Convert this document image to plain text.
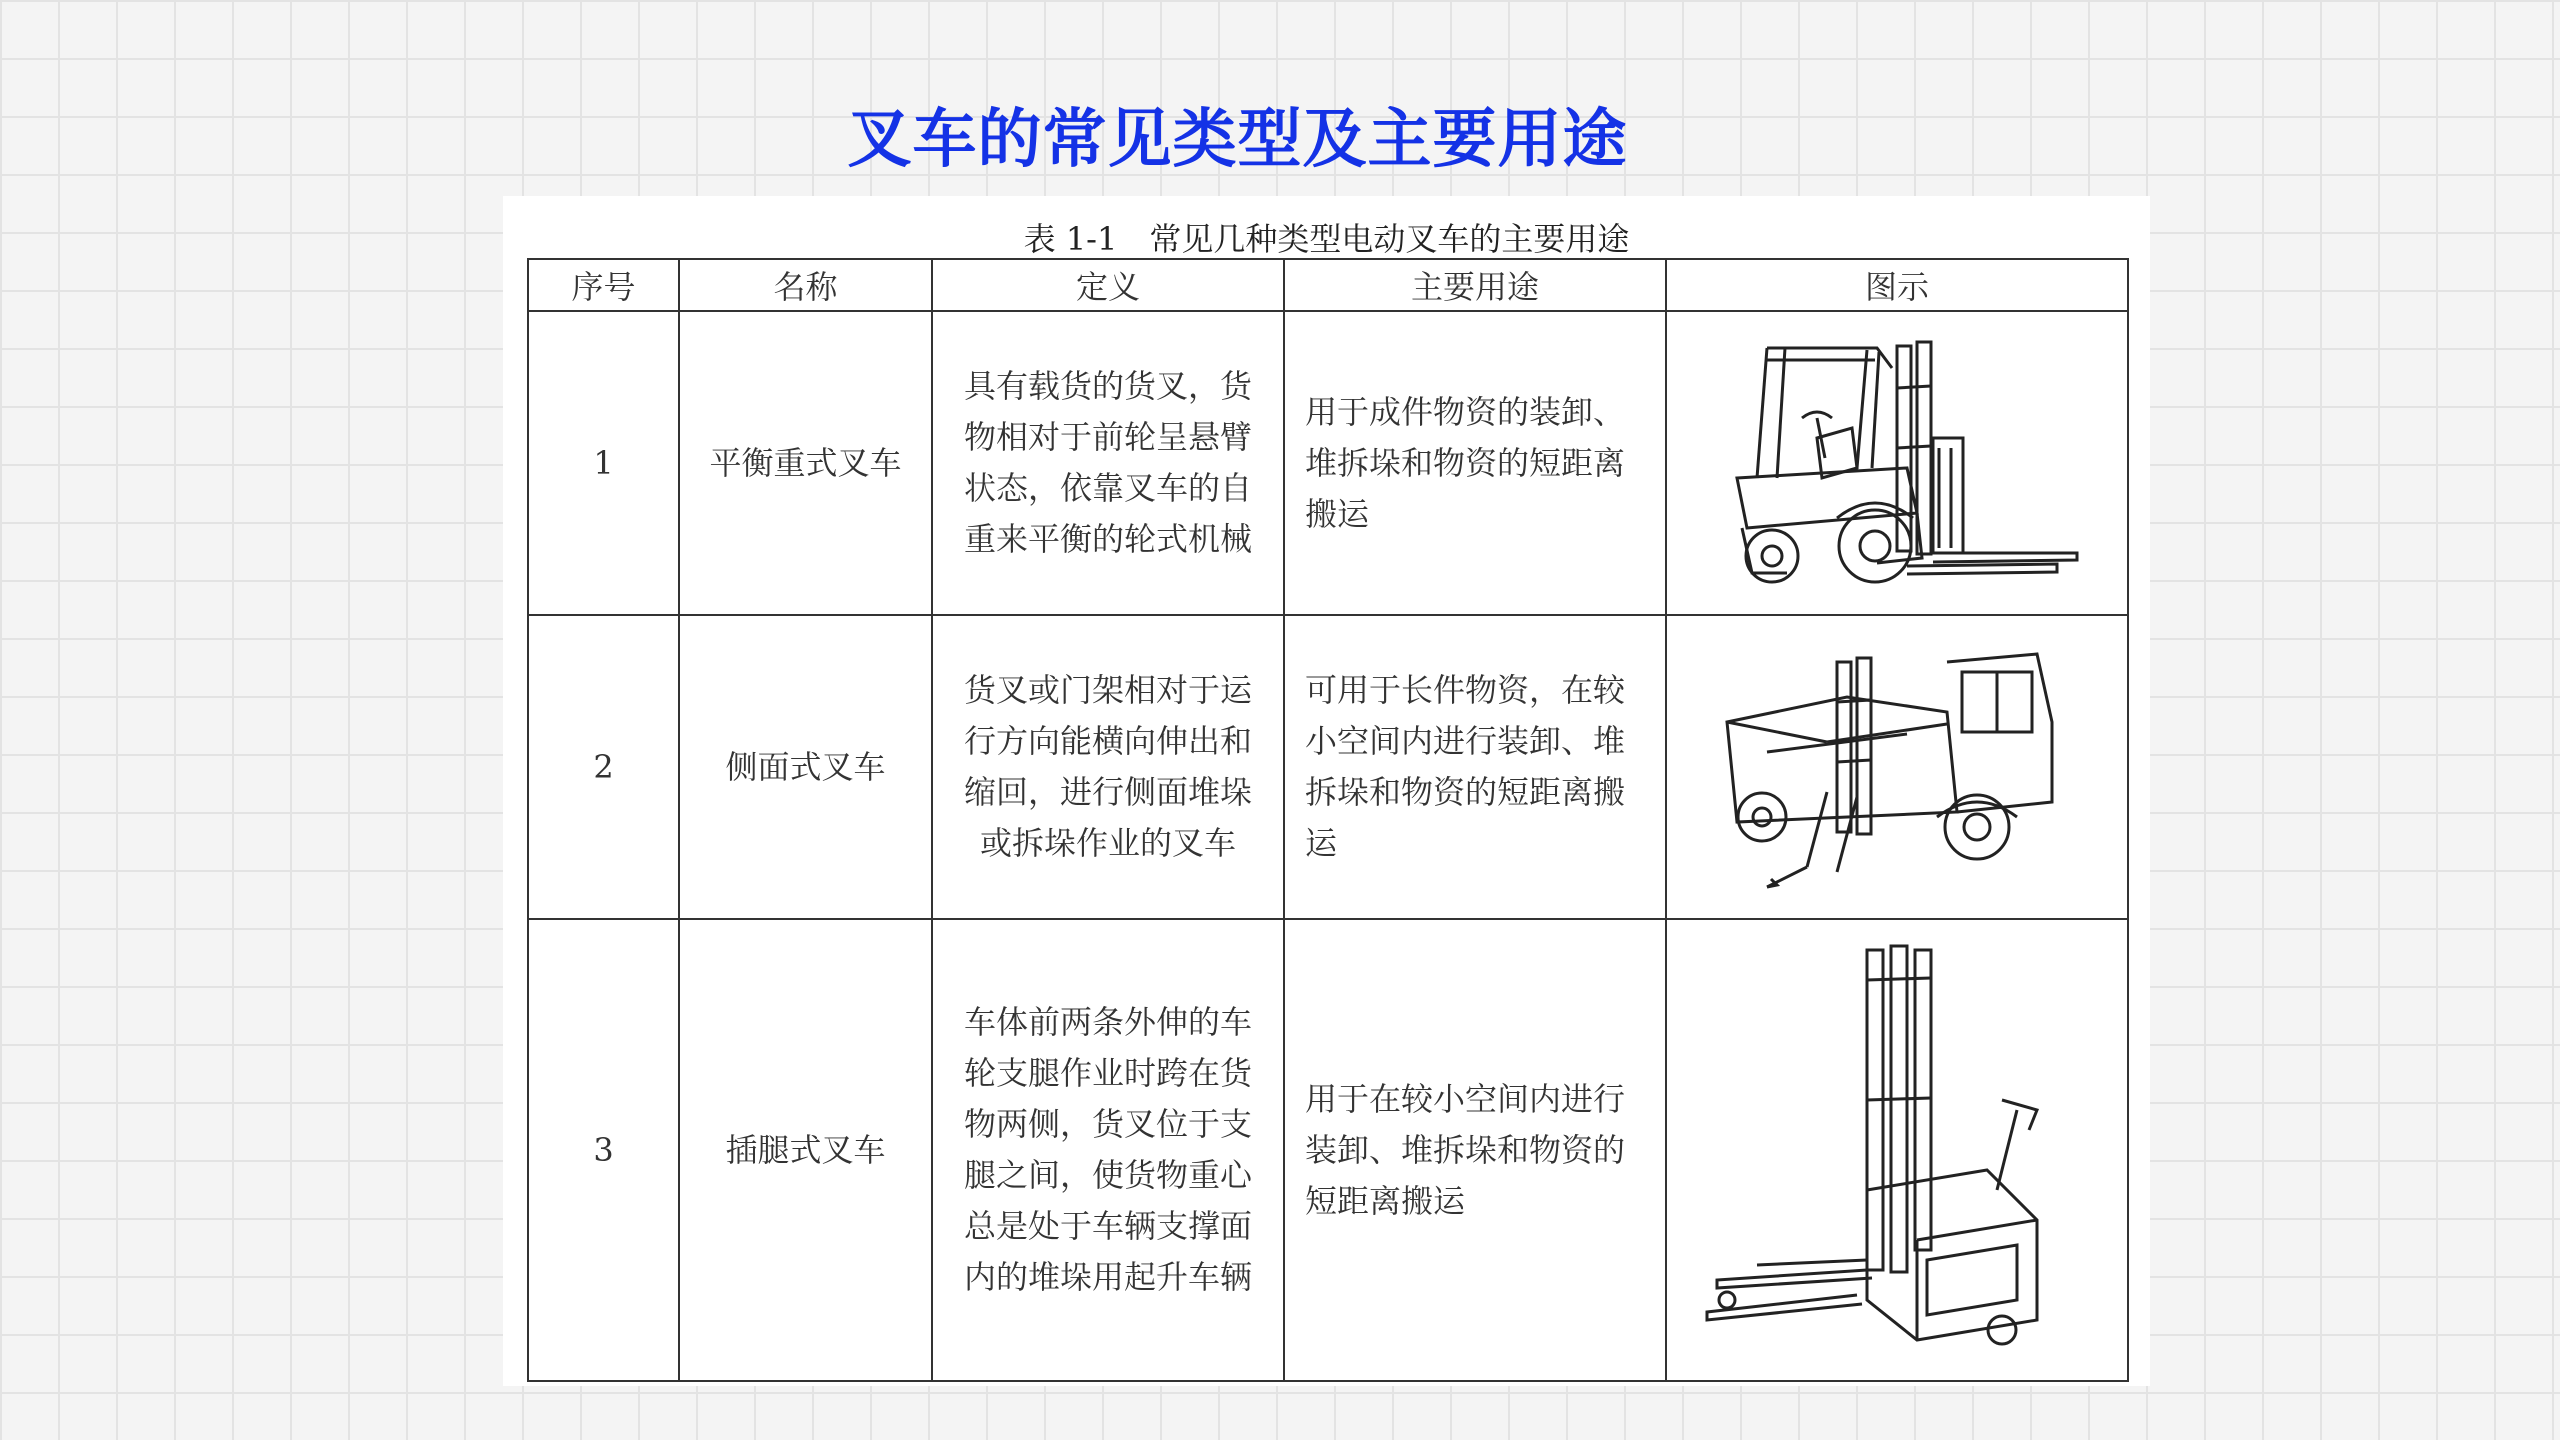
叉车的常见类型及主要用途
表 1-1　常见几种类型电动叉车的主要用途
序号	名称	定义	主要用途	图示
1	平衡重式叉车	具有载货的货叉，货物相对于前轮呈悬臂状态，依靠叉车的自重来平衡的轮式机械	用于成件物资的装卸、堆拆垛和物资的短距离搬运	

2	侧面式叉车	货叉或门架相对于运行方向能横向伸出和缩回，进行侧面堆垛或拆垛作业的叉车	可用于长件物资，在较小空间内进行装卸、堆拆垛和物资的短距离搬运	

3	插腿式叉车	车体前两条外伸的车轮支腿作业时跨在货物两侧，货叉位于支腿之间，使货物重心总是处于车辆支撑面内的堆垛用起升车辆	用于在较小空间内进行装卸、堆拆垛和物资的短距离搬运	
